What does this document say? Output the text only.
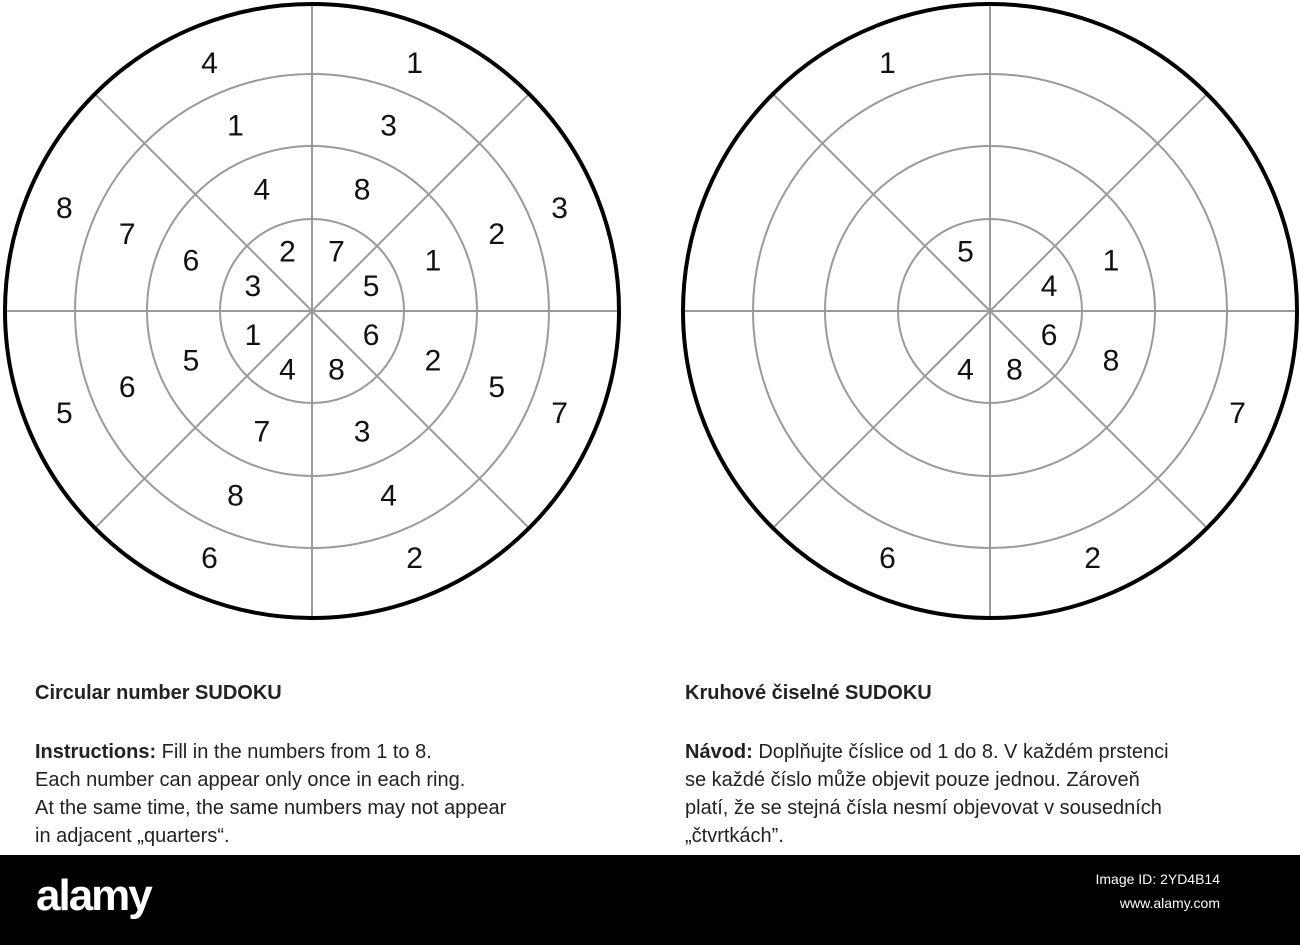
8
4	1
3
7
2
6
5
7
1	3
2
5
4
8
6
6
4	8
1
2
3
7
5
3
2 7
5
6
8
4
1
1
7
2
6
1
8
5
4
6
8
4
Circular number SUDOKU
Instructions: Fill in the numbers from 1 to 8.
Each number can appear only once in each ring.
At the same time, the same numbers may not appear
in adjacent „quarters“.
Kruhové čiselné SUDOKU
Návod: Doplňujte číslice od 1 do 8. V každém prstenci
se každé číslo může objevit pouze jednou. Zároveň
platí, že se stejná čísla nesmí objevovat v sousedních
„čtvrtkách”.
alamy	Image ID: 2YD4B14
www.alamy.com
